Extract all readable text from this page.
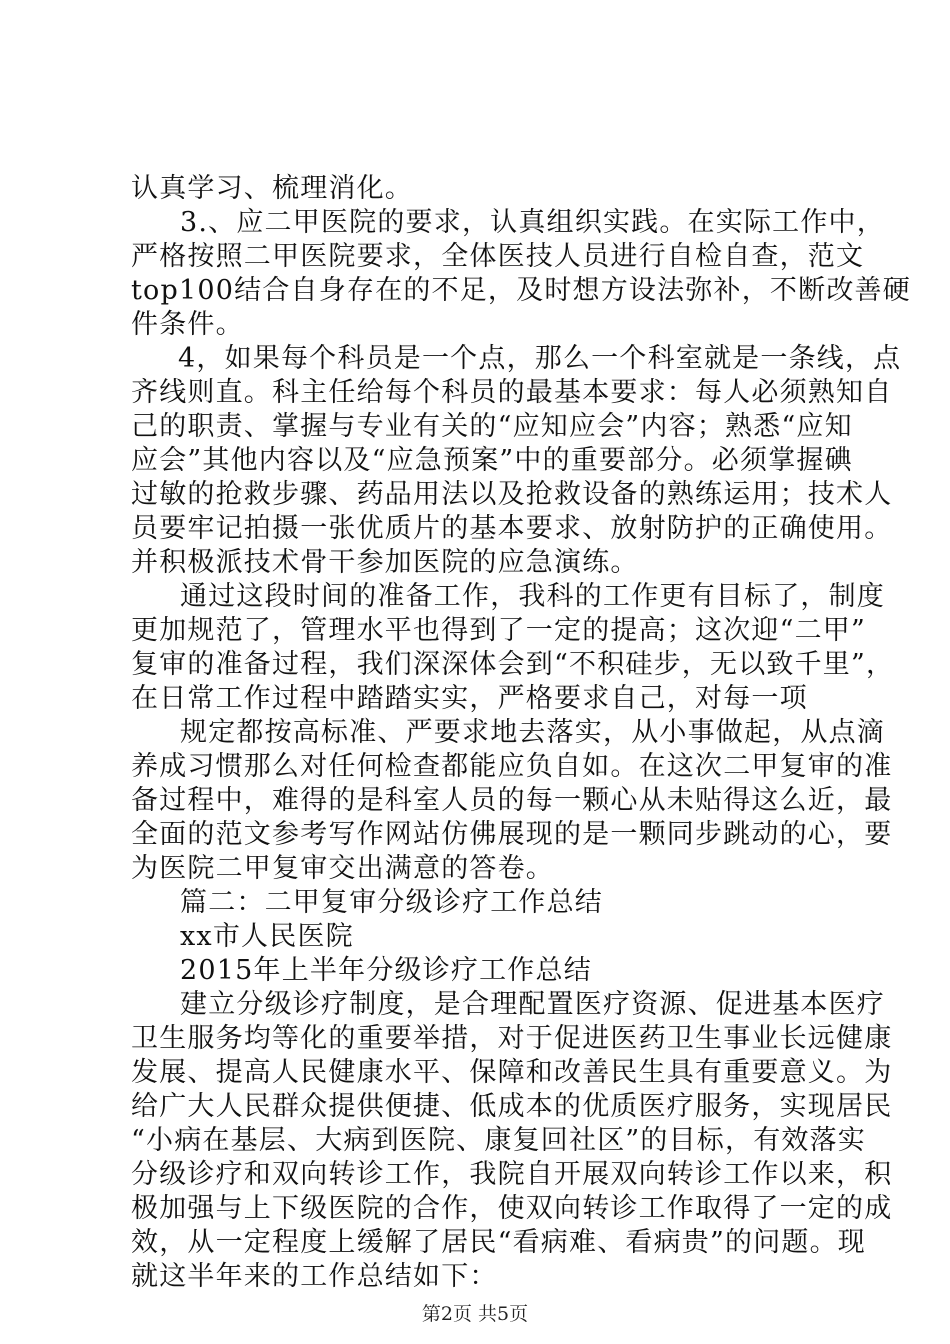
认真学习、梳理消化。
3.、应二甲医院的要求，认真组织实践。在实际工作中，
严格按照二甲医院要求，全体医技人员进行自检自查，范文
top100结合自身存在的不足，及时想方设法弥补，不断改善硬
件条件。
4，如果每个科员是一个点，那么一个科室就是一条线，点
齐线则直。科主任给每个科员的最基本要求：每人必须熟知自
己的职责、掌握与专业有关的“应知应会”内容；熟悉“应知
应会”其他内容以及“应急预案”中的重要部分。必须掌握碘
过敏的抢救步骤、药品用法以及抢救设备的熟练运用；技术人
员要牢记拍摄一张优质片的基本要求、放射防护的正确使用。
并积极派技术骨干参加医院的应急演练。
通过这段时间的准备工作，我科的工作更有目标了，制度
更加规范了，管理水平也得到了一定的提高；这次迎“二甲”
复审的准备过程，我们深深体会到“不积硅步，无以致千里”，
在日常工作过程中踏踏实实，严格要求自己，对每一项
规定都按高标准、严要求地去落实，从小事做起，从点滴
养成习惯那么对任何检查都能应负自如。在这次二甲复审的准
备过程中，难得的是科室人员的每一颗心从未贴得这么近，最
全面的范文参考写作网站仿佛展现的是一颗同步跳动的心，要
为医院二甲复审交出满意的答卷。
篇二：二甲复审分级诊疗工作总结
xx市人民医院
2015年上半年分级诊疗工作总结
建立分级诊疗制度，是合理配置医疗资源、促进基本医疗
卫生服务均等化的重要举措，对于促进医药卫生事业长远健康
发展、提高人民健康水平、保障和改善民生具有重要意义。为
给广大人民群众提供便捷、低成本的优质医疗服务，实现居民
“小病在基层、大病到医院、康复回社区”的目标，有效落实
分级诊疗和双向转诊工作，我院自开展双向转诊工作以来，积
极加强与上下级医院的合作，使双向转诊工作取得了一定的成
效，从一定程度上缓解了居民“看病难、看病贵”的问题。现
就这半年来的工作总结如下：
第2页 共5页
